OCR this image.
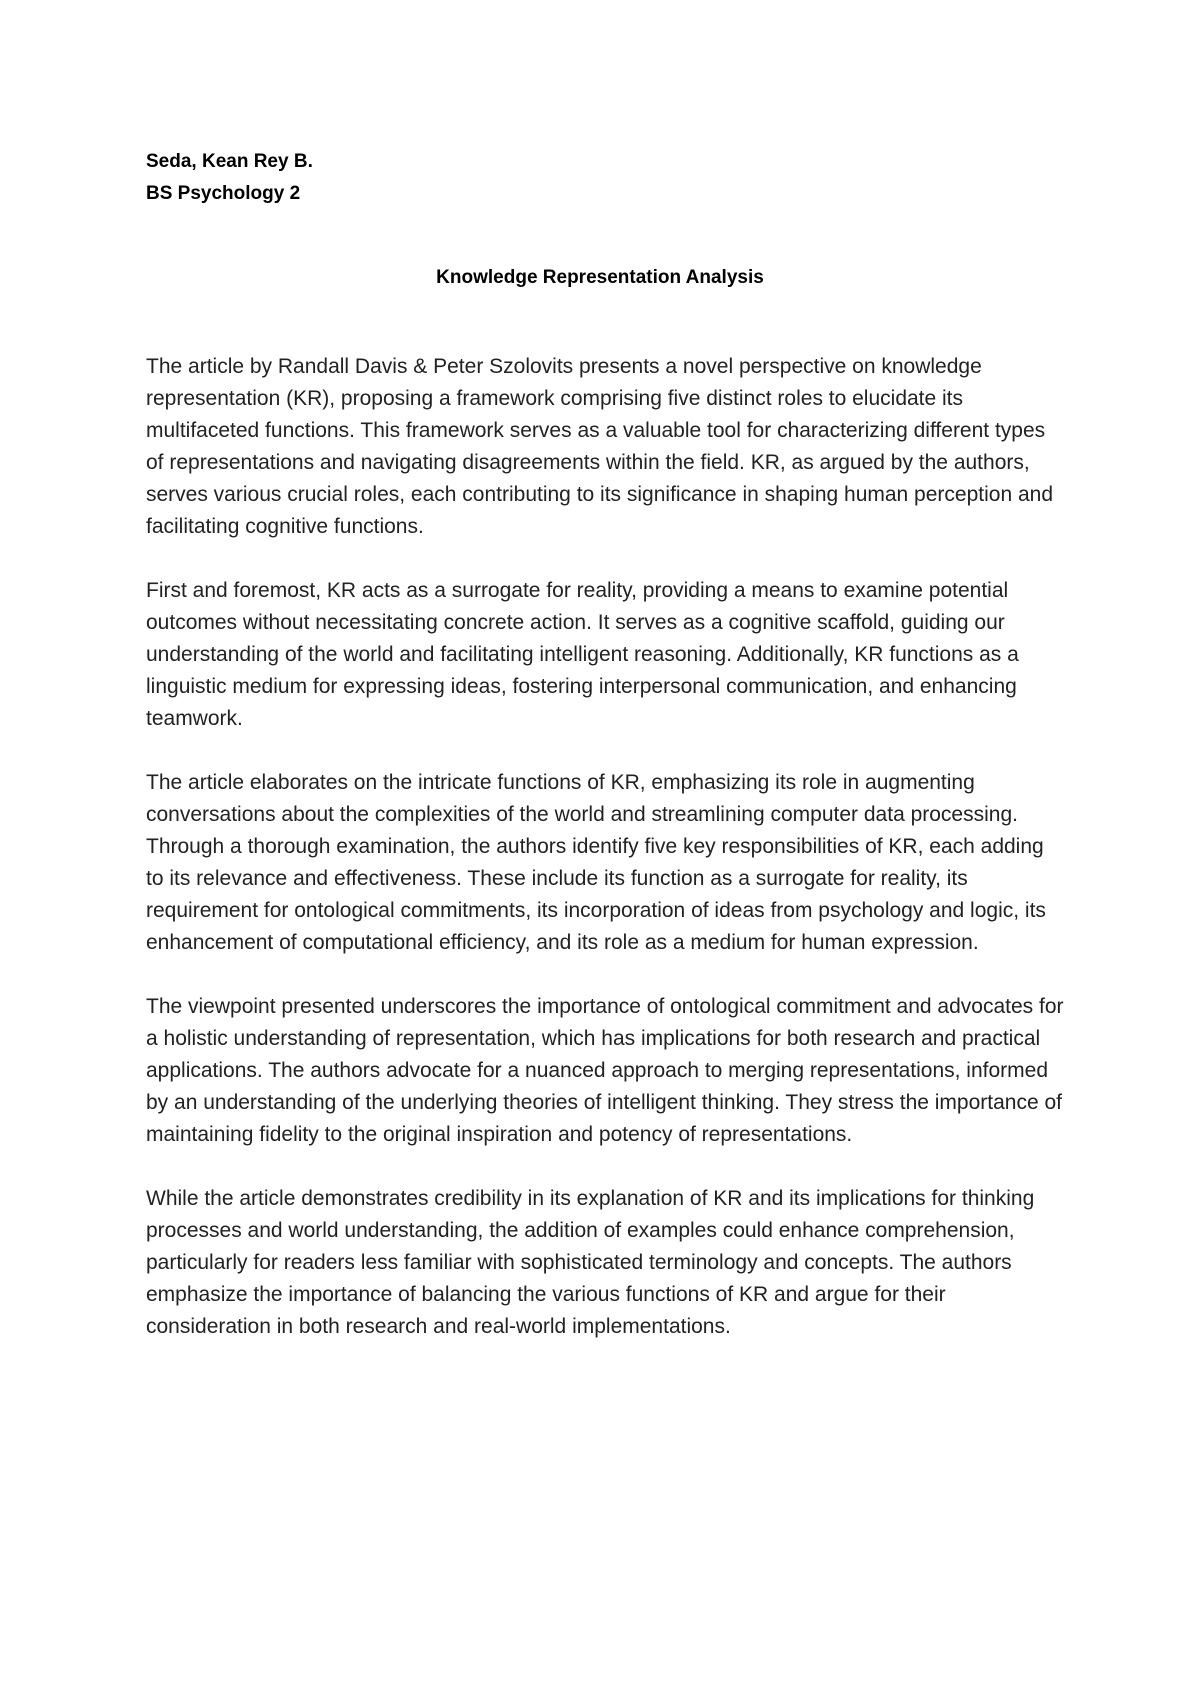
Seda, Kean Rey B.

BS Psychology 2

Knowledge Representation Analysis

The article by Randall Davis & Peter Szolovits presents a novel perspective on knowledge representation (KR), proposing a framework comprising five distinct roles to elucidate its multifaceted functions. This framework serves as a valuable tool for characterizing different types of representations and navigating disagreements within the field. KR, as argued by the authors, serves various crucial roles, each contributing to its significance in shaping human perception and facilitating cognitive functions.

First and foremost, KR acts as a surrogate for reality, providing a means to examine potential outcomes without necessitating concrete action. It serves as a cognitive scaffold, guiding our understanding of the world and facilitating intelligent reasoning. Additionally, KR functions as a linguistic medium for expressing ideas, fostering interpersonal communication, and enhancing teamwork.

The article elaborates on the intricate functions of KR, emphasizing its role in augmenting conversations about the complexities of the world and streamlining computer data processing. Through a thorough examination, the authors identify five key responsibilities of KR, each adding to its relevance and effectiveness. These include its function as a surrogate for reality, its requirement for ontological commitments, its incorporation of ideas from psychology and logic, its enhancement of computational efficiency, and its role as a medium for human expression.

The viewpoint presented underscores the importance of ontological commitment and advocates for a holistic understanding of representation, which has implications for both research and practical applications. The authors advocate for a nuanced approach to merging representations, informed by an understanding of the underlying theories of intelligent thinking. They stress the importance of maintaining fidelity to the original inspiration and potency of representations.

While the article demonstrates credibility in its explanation of KR and its implications for thinking processes and world understanding, the addition of examples could enhance comprehension, particularly for readers less familiar with sophisticated terminology and concepts. The authors emphasize the importance of balancing the various functions of KR and argue for their consideration in both research and real-world implementations.
